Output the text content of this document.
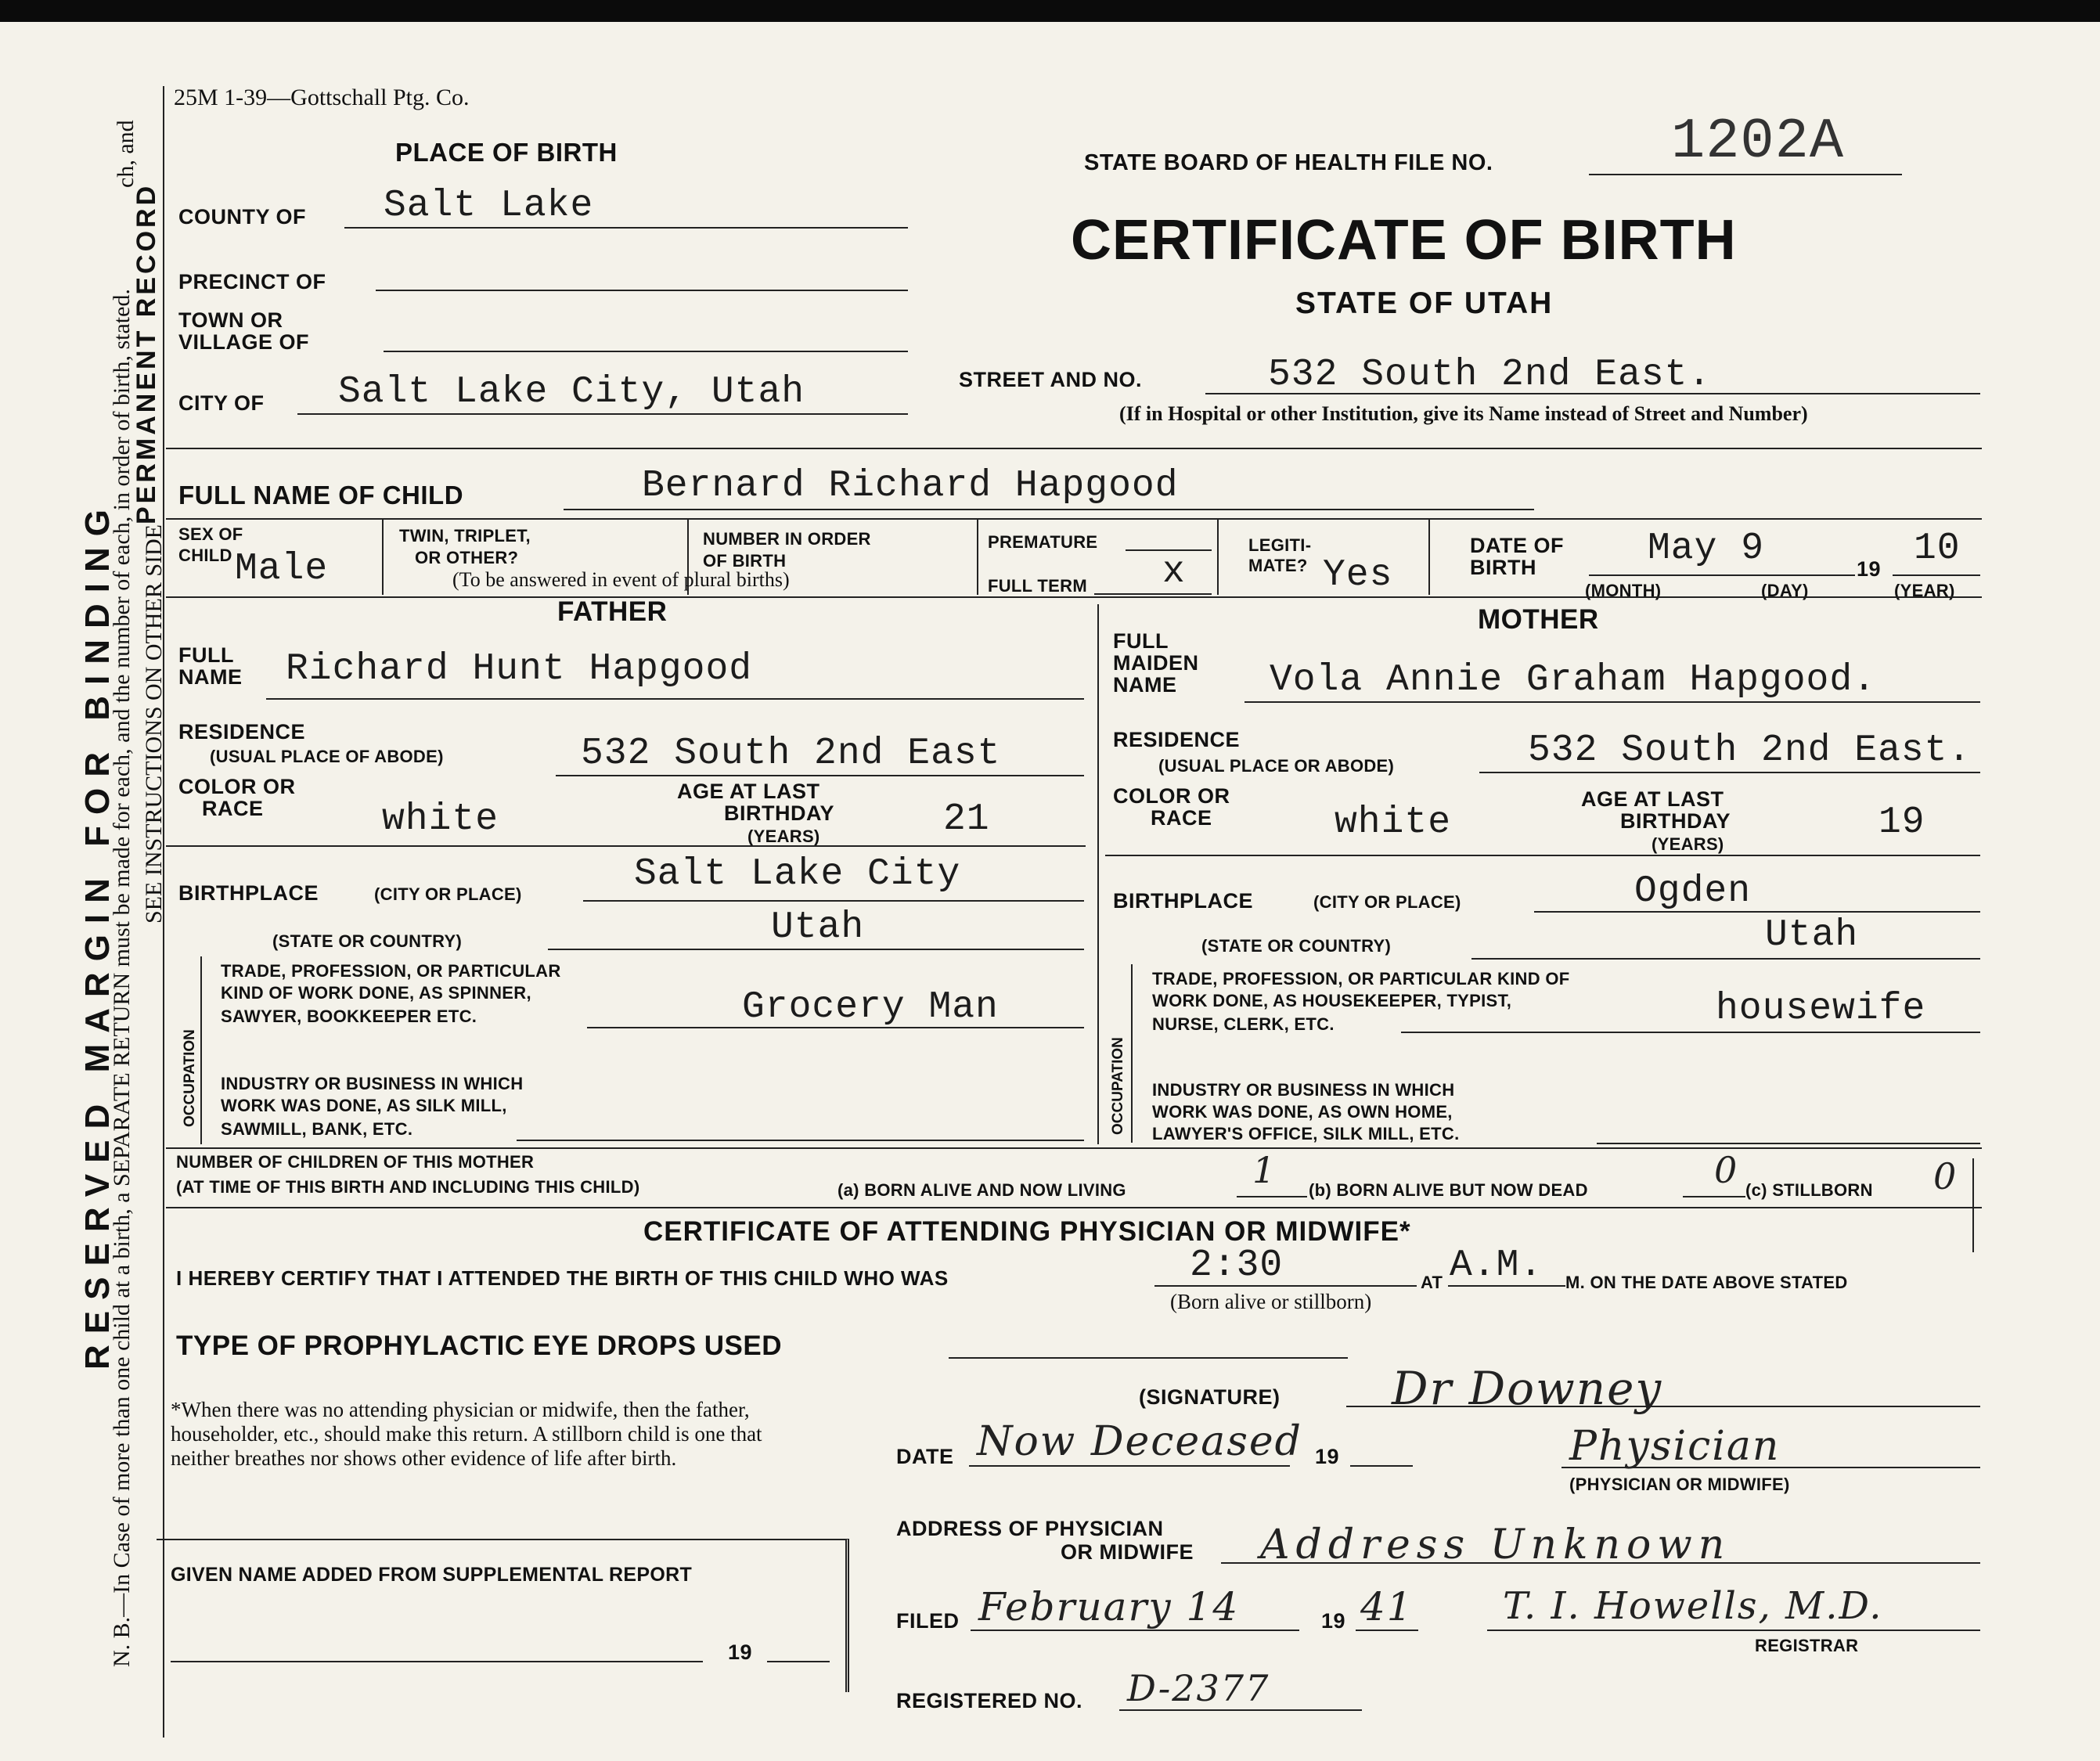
N. B.—In Case of more than one child at a birth, a SEPARATE RETURN must be made for each, and the number of each, in order of birth, stated.
ch, and
SEE INSTRUCTIONS ON OTHER SIDE
RESERVED MARGIN FOR BINDING
PERMANENT RECORD
OCCUPATION
25M 1-39—Gottschall Ptg. Co.
PLACE OF BIRTH	STATE BOARD OF HEALTH FILE NO.	1202A
CERTIFICATE OF BIRTH
STATE OF UTAH
COUNTY OF Salt Lake
PRECINCT OF
TOWN OR
VILLAGE OF
CITY OF Salt Lake City, Utah	STREET AND NO.	532 South 2nd East.
(If in Hospital or other Institution, give its Name instead of Street and Number)
FULL NAME OF CHILD	Bernard Richard Hapgood
SEX OF
CHILD Male
TWIN, TRIPLET,
OR OTHER?
(To be answered in event of plural births)
NUMBER IN ORDER
OF BIRTH
PREMATURE
FULL TERM x
LEGITI-
MATE? Yes
DATE OF
BIRTH	May 9	19 10
(MONTH)	(DAY)	(YEAR)
FATHER
FULL
NAME Richard Hunt Hapgood
RESIDENCE
(USUAL PLACE OF ABODE)	532 South 2nd East
COLOR OR
RACE	white
AGE AT LAST
BIRTHDAY
(YEARS)	21
BIRTHPLACE	(CITY OR PLACE)	Salt Lake City
(STATE OR COUNTRY)	Utah
TRADE, PROFESSION, OR PARTICULAR
KIND OF WORK DONE, AS SPINNER,
SAWYER, BOOKKEEPER ETC.	Grocery Man
INDUSTRY OR BUSINESS IN WHICH
WORK WAS DONE, AS SILK MILL,
SAWMILL, BANK, ETC.
MOTHER
FULL
MAIDEN
NAME Vola Annie Graham Hapgood.
RESIDENCE
(USUAL PLACE OR ABODE)	532 South 2nd East.
COLOR OR
RACE	white
AGE AT LAST
BIRTHDAY
(YEARS)
19
BIRTHPLACE	(CITY OR PLACE)	Ogden
(STATE OR COUNTRY)	Utah
OCCUPATION
TRADE, PROFESSION, OR PARTICULAR KIND OF
WORK DONE, AS HOUSEKEEPER, TYPIST,
NURSE, CLERK, ETC.	housewife
INDUSTRY OR BUSINESS IN WHICH
WORK WAS DONE, AS OWN HOME,
LAWYER'S OFFICE, SILK MILL, ETC.
NUMBER OF CHILDREN OF THIS MOTHER
(AT TIME OF THIS BIRTH AND INCLUDING THIS CHILD)	(a) BORN ALIVE AND NOW LIVING	1 (b) BORN ALIVE BUT NOW DEAD	0 (c) STILLBORN 0
CERTIFICATE OF ATTENDING PHYSICIAN OR MIDWIFE*
I HEREBY CERTIFY THAT I ATTENDED THE BIRTH OF THIS CHILD WHO WAS	2:30
(Born alive or stillborn)
AT A.M. M. ON THE DATE ABOVE STATED
TYPE OF PROPHYLACTIC EYE DROPS USED
*When there was no attending physician or midwife, then the father, householder, etc., should make this return. A stillborn child is one that neither breathes nor shows other evidence of life after birth.
(SIGNATURE) Dr Downey
DATE Now Deceased 19	Physician
(PHYSICIAN OR MIDWIFE)
ADDRESS OF PHYSICIAN
OR MIDWIFE Address Unknown
GIVEN NAME ADDED FROM SUPPLEMENTAL REPORT
19
FILED February 14	19 41 T. I. Howells, M.D.
REGISTRAR
REGISTERED NO. D-2377
